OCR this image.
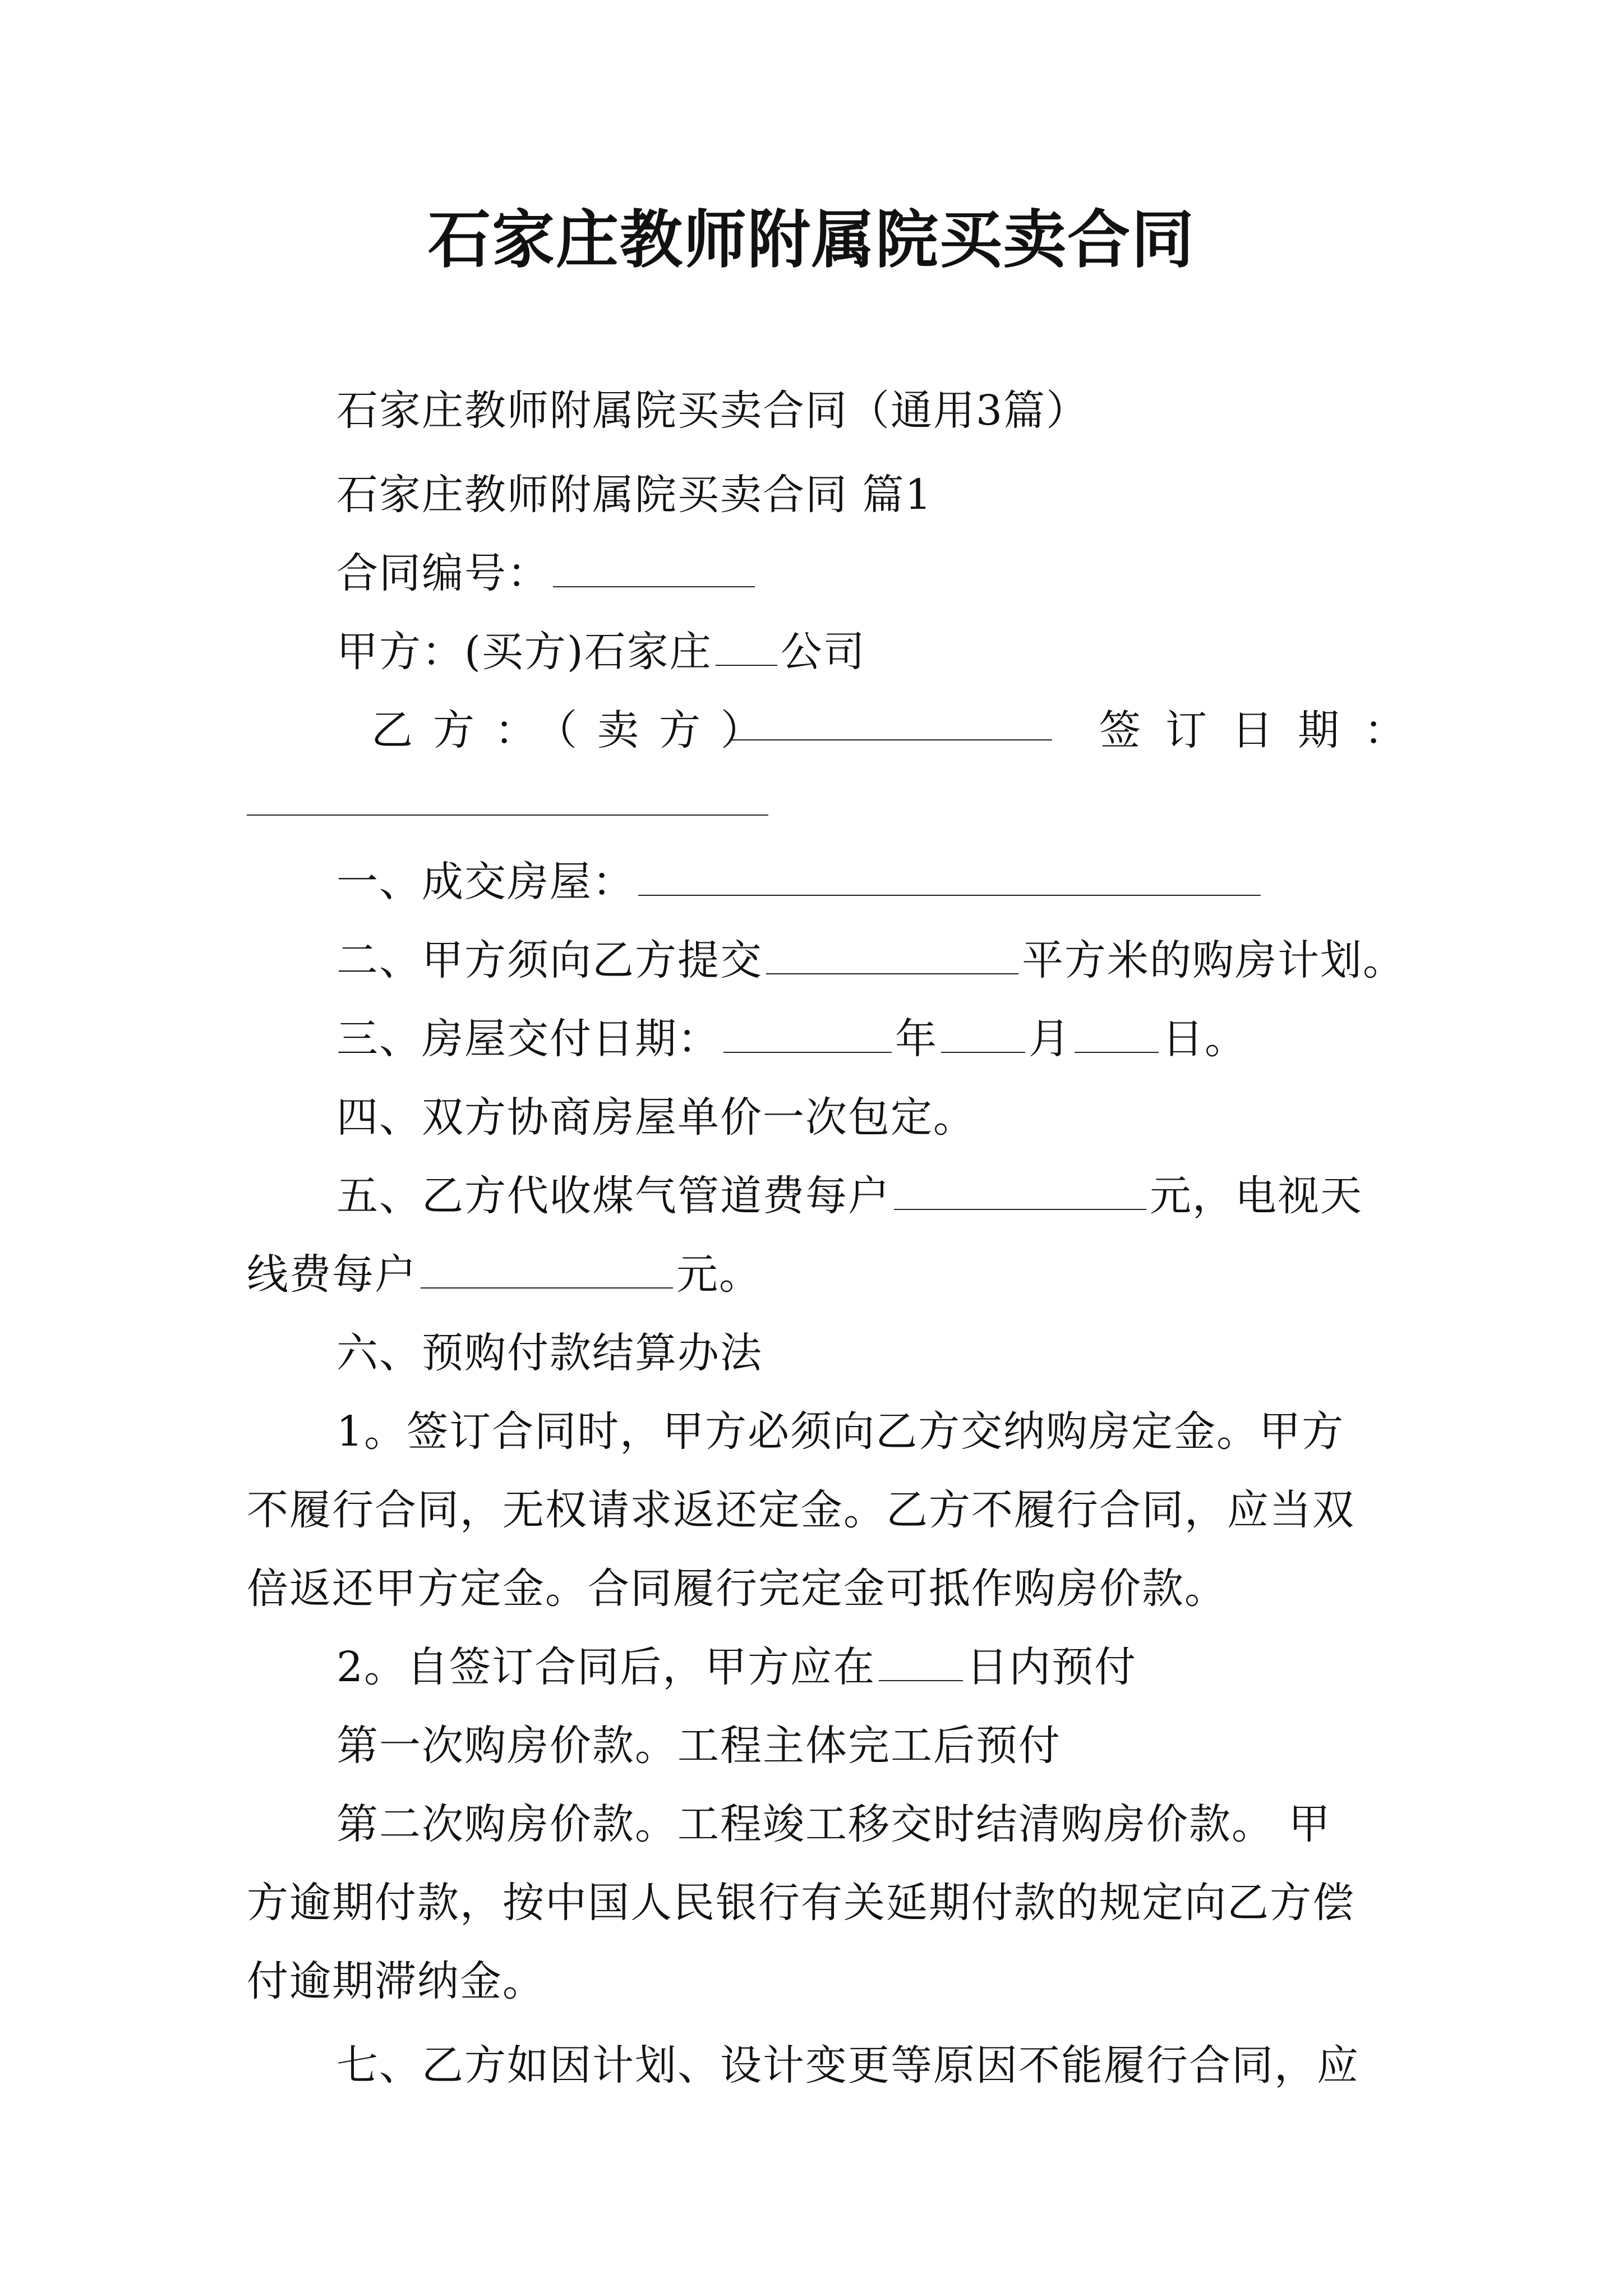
石家庄教师附属院买卖合同
石家庄教师附属院买卖合同（通用3篇）
石家庄教师附属院买卖合同 篇1
合同编号：
甲方：(买方)石家庄 公司
乙方：（卖方）	签订日期：
一、成交房屋：
二、甲方须向乙方提交	平方米的购房计划。
三、房屋交付日期：	年 月 日。
四、双方协商房屋单价一次包定。
五、乙方代收煤气管道费每户	元，电视天
线费每户	元。
六、预购付款结算办法
1。签订合同时，甲方必须向乙方交纳购房定金。甲方
不履行合同，无权请求返还定金。乙方不履行合同，应当双
倍返还甲方定金。合同履行完定金可抵作购房价款。
2。自签订合同后，甲方应在 日内预付
第一次购房价款。工程主体完工后预付
第二次购房价款。工程竣工移交时结清购房价款。 甲
方逾期付款，按中国人民银行有关延期付款的规定向乙方偿
付逾期滞纳金。
七、乙方如因计划、设计变更等原因不能履行合同，应
